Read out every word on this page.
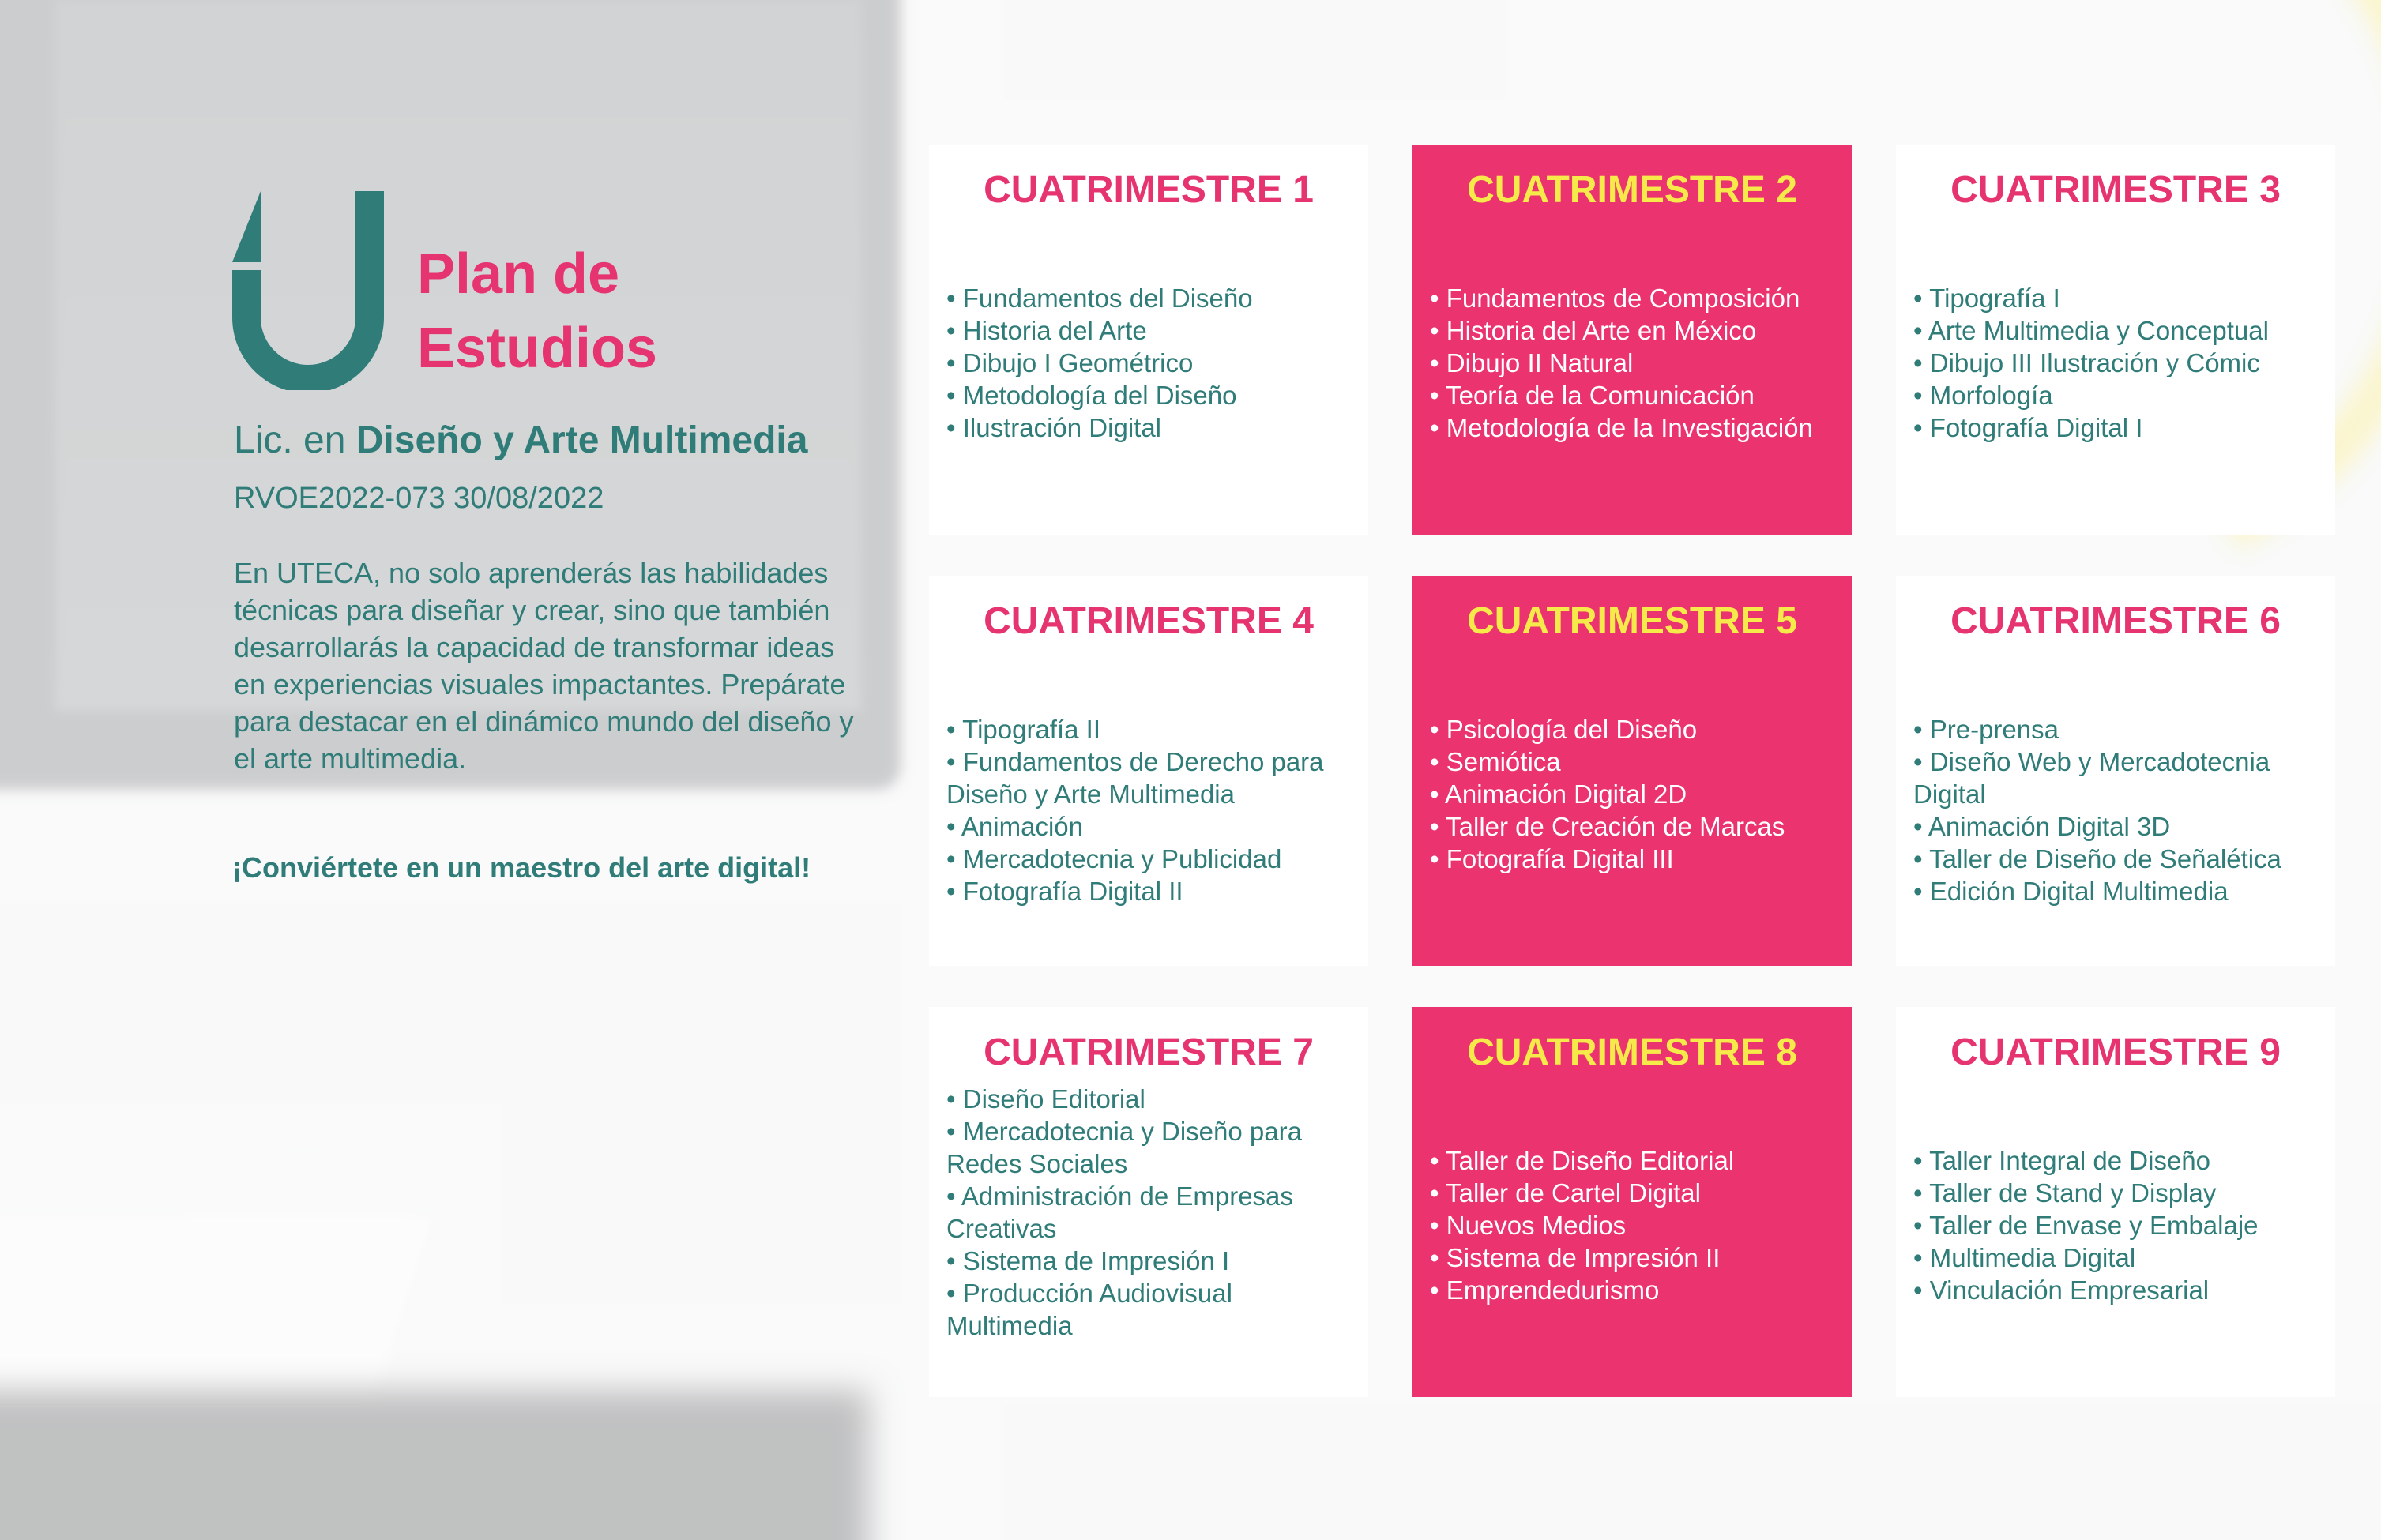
Plan de
Estudios

Lic. en Diseño y Arte Multimedia

RVOE2022-073 30/08/2022

En UTECA, no solo aprenderás las habilidades técnicas para diseñar y crear, sino que también desarrollarás la capacidad de transformar ideas en experiencias visuales impactantes. Prepárate para destacar en el dinámico mundo del diseño y el arte multimedia.

¡Conviértete en un maestro del arte digital!

CUATRIMESTRE 1
• Fundamentos del Diseño
• Historia del Arte
• Dibujo I Geométrico
• Metodología del Diseño
• Ilustración Digital
CUATRIMESTRE 2
• Fundamentos de Composición
• Historia del Arte en México
• Dibujo II Natural
• Teoría de la Comunicación
• Metodología de la Investigación
CUATRIMESTRE 3
• Tipografía I
• Arte Multimedia y Conceptual
• Dibujo III Ilustración y Cómic
• Morfología
• Fotografía Digital I
CUATRIMESTRE 4
• Tipografía II
• Fundamentos de Derecho para Diseño y Arte Multimedia
• Animación
• Mercadotecnia y Publicidad
• Fotografía Digital II
CUATRIMESTRE 5
• Psicología del Diseño
• Semiótica
• Animación Digital 2D
• Taller de Creación de Marcas
• Fotografía Digital III
CUATRIMESTRE 6
• Pre-prensa
• Diseño Web y Mercadotecnia Digital
• Animación Digital 3D
• Taller de Diseño de Señalética
• Edición Digital Multimedia
CUATRIMESTRE 7
• Diseño Editorial
• Mercadotecnia y Diseño para Redes Sociales
• Administración de Empresas Creativas
• Sistema de Impresión I
• Producción Audiovisual Multimedia
CUATRIMESTRE 8
• Taller de Diseño Editorial
• Taller de Cartel Digital
• Nuevos Medios
• Sistema de Impresión II
• Emprendedurismo
CUATRIMESTRE 9
• Taller Integral de Diseño
• Taller de Stand y Display
• Taller de Envase y Embalaje
• Multimedia Digital
• Vinculación Empresarial
